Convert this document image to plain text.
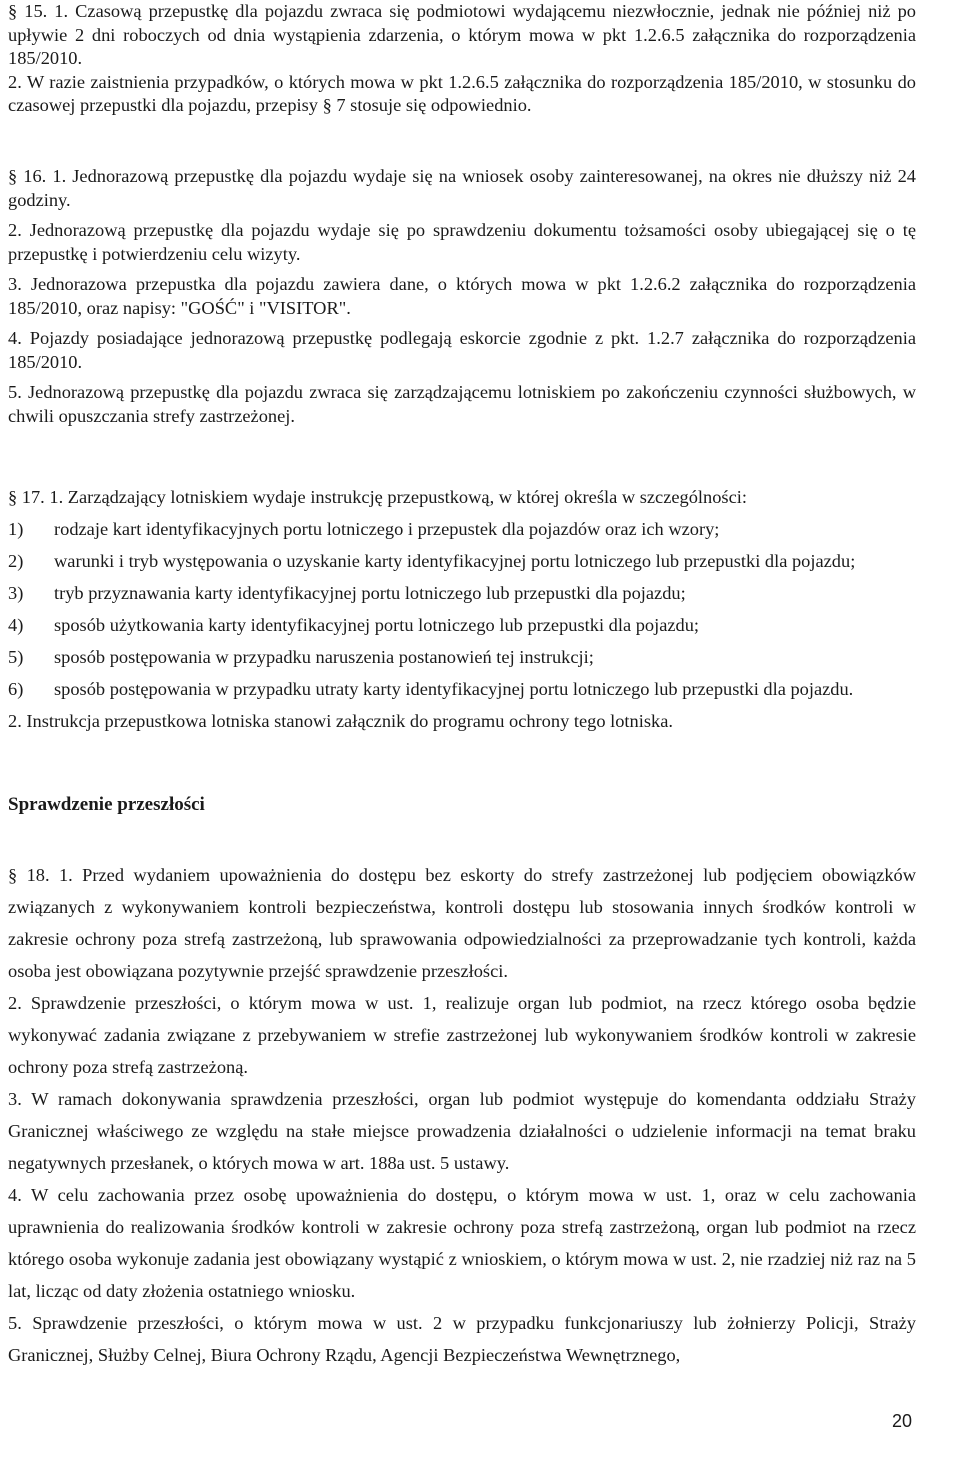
§ 15. 1. Czasową przepustkę dla pojazdu zwraca się podmiotowi wydającemu niezwłocznie, jednak nie później niż po upływie 2 dni roboczych od dnia wystąpienia zdarzenia, o którym mowa w pkt 1.2.6.5 załącznika do rozporządzenia 185/2010.

2. W razie zaistnienia przypadków, o których mowa w pkt 1.2.6.5 załącznika do rozporządzenia 185/2010, w stosunku do czasowej przepustki dla pojazdu, przepisy § 7 stosuje się odpowiednio.

§ 16. 1. Jednorazową przepustkę dla pojazdu wydaje się na wniosek osoby zainteresowanej, na okres nie dłuższy niż 24 godziny.

2. Jednorazową przepustkę dla pojazdu wydaje się po sprawdzeniu dokumentu tożsamości osoby ubiegającej się o tę przepustkę i potwierdzeniu celu wizyty.

3. Jednorazowa przepustka dla pojazdu zawiera dane, o których mowa w pkt 1.2.6.2 załącznika do rozporządzenia 185/2010, oraz napisy: "GOŚĆ" i "VISITOR".

4. Pojazdy posiadające jednorazową przepustkę podlegają eskorcie zgodnie z pkt. 1.2.7 załącznika do rozporządzenia 185/2010.

5. Jednorazową przepustkę dla pojazdu zwraca się zarządzającemu lotniskiem po zakończeniu czynności służbowych, w chwili opuszczania strefy zastrzeżonej.

§ 17. 1. Zarządzający lotniskiem wydaje instrukcję przepustkową, w której określa w szczególności:

1)	rodzaje kart identyfikacyjnych portu lotniczego i przepustek dla pojazdów oraz ich wzory;
2)	warunki i tryb występowania o uzyskanie karty identyfikacyjnej portu lotniczego lub przepustki dla pojazdu;
3)	tryb przyznawania karty identyfikacyjnej portu lotniczego lub przepustki dla pojazdu;
4)	sposób użytkowania karty identyfikacyjnej portu lotniczego lub przepustki dla pojazdu;
5)	sposób postępowania w przypadku naruszenia postanowień tej instrukcji;
6)	sposób postępowania w przypadku utraty karty identyfikacyjnej portu lotniczego lub przepustki dla pojazdu.

2. Instrukcja przepustkowa lotniska stanowi załącznik do programu ochrony tego lotniska.

Sprawdzenie przeszłości

§ 18. 1. Przed wydaniem upoważnienia do dostępu bez eskorty do strefy zastrzeżonej lub podjęciem obowiązków związanych z wykonywaniem kontroli bezpieczeństwa, kontroli dostępu lub stosowania innych środków kontroli w zakresie ochrony poza strefą zastrzeżoną, lub sprawowania odpowiedzialności za przeprowadzanie tych kontroli, każda osoba jest obowiązana pozytywnie przejść sprawdzenie przeszłości.

2. Sprawdzenie przeszłości, o którym mowa w ust. 1, realizuje organ lub podmiot, na rzecz którego osoba będzie wykonywać zadania związane z przebywaniem w strefie zastrzeżonej lub wykonywaniem środków kontroli w zakresie ochrony poza strefą zastrzeżoną.

3. W ramach dokonywania sprawdzenia przeszłości, organ lub podmiot występuje do komendanta oddziału Straży Granicznej właściwego ze względu na stałe miejsce prowadzenia działalności o udzielenie informacji na temat braku negatywnych przesłanek, o których mowa w art. 188a ust. 5 ustawy.

4. W celu zachowania przez osobę upoważnienia do dostępu, o którym mowa w ust. 1, oraz w celu zachowania uprawnienia do realizowania środków kontroli w zakresie ochrony poza strefą zastrzeżoną, organ lub podmiot na rzecz którego osoba wykonuje zadania jest obowiązany wystąpić z wnioskiem, o którym mowa w ust. 2, nie rzadziej niż raz na 5 lat, licząc od daty złożenia ostatniego wniosku.

5. Sprawdzenie przeszłości, o którym mowa w ust. 2 w przypadku funkcjonariuszy lub żołnierzy Policji, Straży Granicznej, Służby Celnej, Biura Ochrony Rządu, Agencji Bezpieczeństwa Wewnętrznego,

20
